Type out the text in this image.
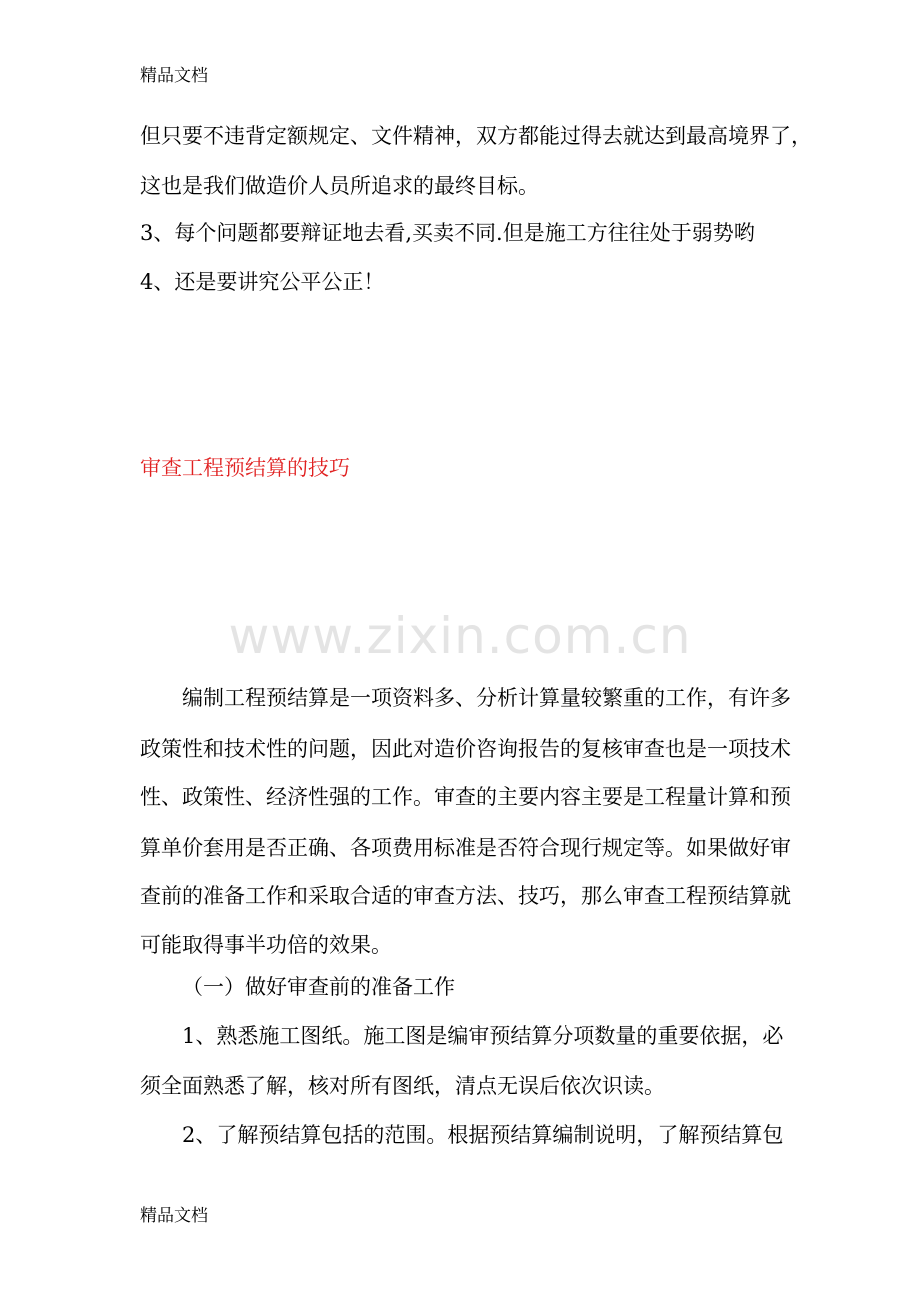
精品文档
但只要不违背定额规定、文件精神，双方都能过得去就达到最高境界了，
这也是我们做造价人员所追求的最终目标。
3、每个问题都要辩证地去看,买卖不同.但是施工方往往处于弱势哟
4、还是要讲究公平公正！
审查工程预结算的技巧
www.zixin.com.cn
编制工程预结算是一项资料多、分析计算量较繁重的工作，有许多
政策性和技术性的问题，因此对造价咨询报告的复核审查也是一项技术
性、政策性、经济性强的工作。审查的主要内容主要是工程量计算和预
算单价套用是否正确、各项费用标准是否符合现行规定等。如果做好审
查前的准备工作和采取合适的审查方法、技巧，那么审查工程预结算就
可能取得事半功倍的效果。
（一）做好审查前的准备工作
1、熟悉施工图纸。施工图是编审预结算分项数量的重要依据，必
须全面熟悉了解，核对所有图纸，清点无误后依次识读。
2、了解预结算包括的范围。根据预结算编制说明，了解预结算包
精品文档
